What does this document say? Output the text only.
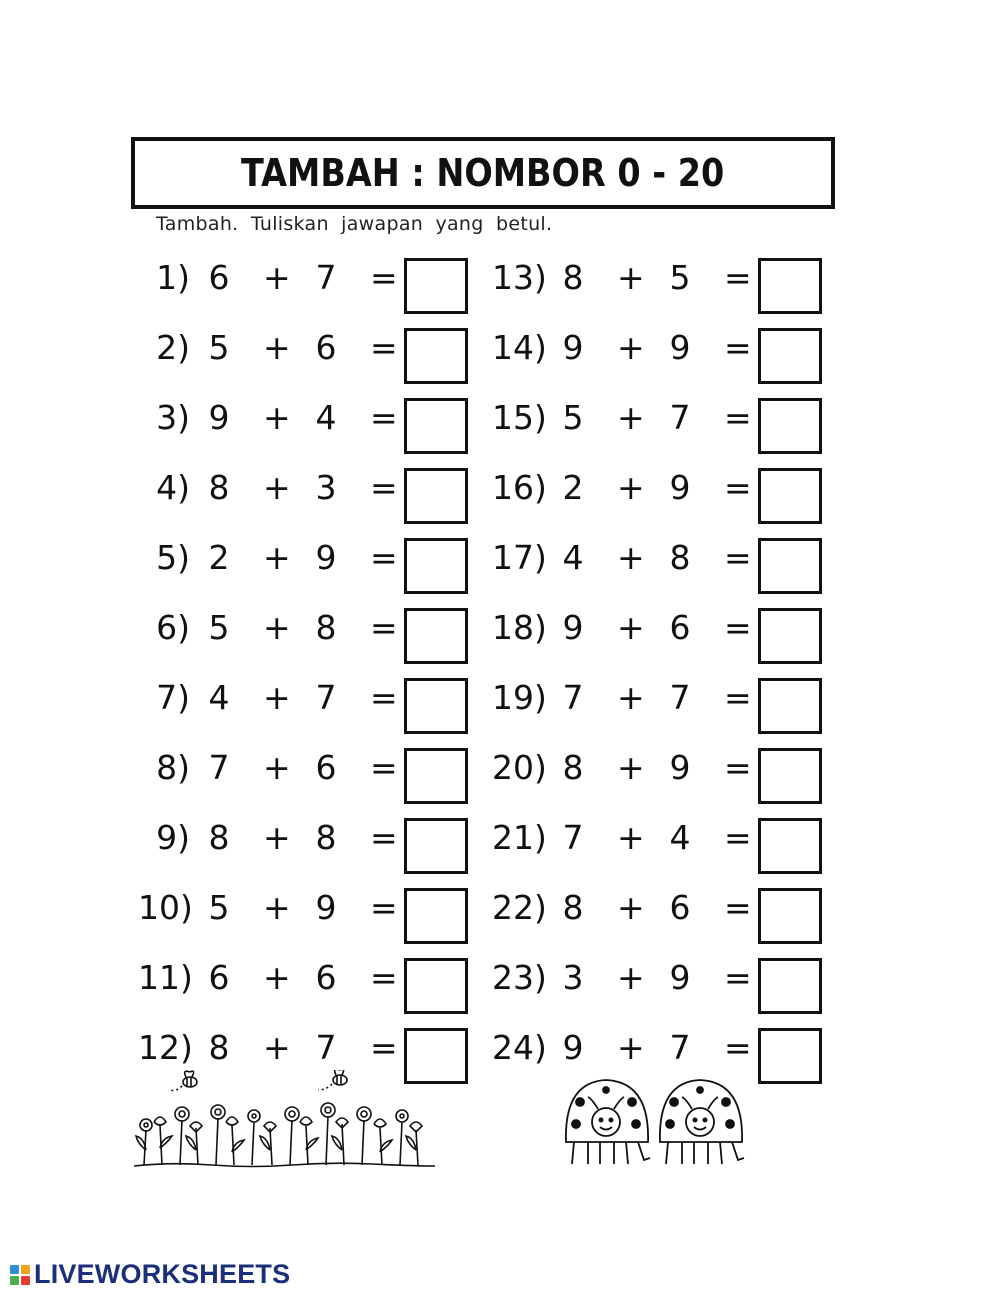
TAMBAH : NOMBOR 0 - 20
Tambah. Tuliskan jawapan yang betul.
1) 6 + 7 =
2) 5 + 6 =
3) 9 + 4 =
4) 8 + 3 =
5) 2 + 9 =
6) 5 + 8 =
7) 4 + 7 =
8) 7 + 6 =
9) 8 + 8 =
10) 5 + 9 =
11) 6 + 6 =
12) 8 + 7 =
13) 8 + 5 =
14) 9 + 9 =
15) 5 + 7 =
16) 2 + 9 =
17) 4 + 8 =
18) 9 + 6 =
19) 7 + 7 =
20) 8 + 9 =
21) 7 + 4 =
22) 8 + 6 =
23) 3 + 9 =
24) 9 + 7 =
LIVEWORKSHEETS
